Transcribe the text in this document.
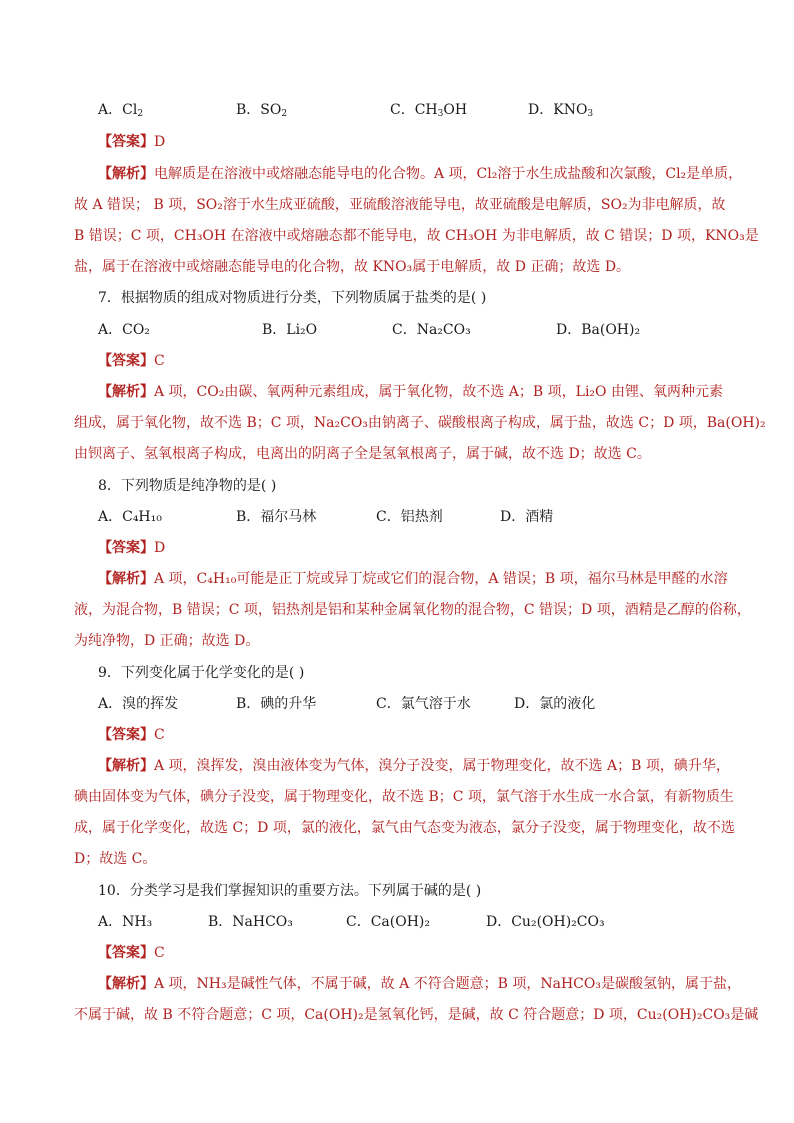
A．$Cl_2$	B．$SO_2$	C．$CH_3OH$	D．$KNO_3$
【答案】D
【解析】电解质是在溶液中或熔融态能导电的化合物。A 项，Cl₂溶于水生成盐酸和次氯酸，Cl₂是单质，
故 A 错误； B 项，SO₂溶于水生成亚硫酸，亚硫酸溶液能导电，故亚硫酸是电解质，SO₂为非电解质，故
B 错误；C 项，CH₃OH 在溶液中或熔融态都不能导电，故 CH₃OH 为非电解质，故 C 错误；D 项，KNO₃是
盐，属于在溶液中或熔融态能导电的化合物，故 KNO₃属于电解质，故 D 正确；故选 D。
7．根据物质的组成对物质进行分类，下列物质属于盐类的是( )
A．CO₂	B．Li₂O	C．Na₂CO₃	D．Ba(OH)₂
【答案】C
【解析】A 项，CO₂由碳、氧两种元素组成，属于氧化物，故不选 A；B 项，Li₂O 由锂、氧两种元素
组成，属于氧化物，故不选 B；C 项，Na₂CO₃由钠离子、碳酸根离子构成，属于盐，故选 C；D 项，Ba(OH)₂
由钡离子、氢氧根离子构成，电离出的阴离子全是氢氧根离子，属于碱，故不选 D；故选 C。
8．下列物质是纯净物的是( )
A．C₄H₁₀	B．福尔马林	C．铝热剂	D．酒精
【答案】D
【解析】A 项，C₄H₁₀可能是正丁烷或异丁烷或它们的混合物，A 错误；B 项，福尔马林是甲醛的水溶
液，为混合物，B 错误；C 项，铝热剂是铝和某种金属氧化物的混合物，C 错误；D 项，酒精是乙醇的俗称，
为纯净物，D 正确；故选 D。
9．下列变化属于化学变化的是( )
A．溴的挥发	B．碘的升华	C．氯气溶于水	D．氯的液化
【答案】C
【解析】A 项，溴挥发，溴由液体变为气体，溴分子没变，属于物理变化，故不选 A；B 项，碘升华，
碘由固体变为气体，碘分子没变，属于物理变化，故不选 B；C 项，氯气溶于水生成一水合氯，有新物质生
成，属于化学变化，故选 C；D 项，氯的液化，氯气由气态变为液态，氯分子没变，属于物理变化，故不选
D；故选 C。
10．分类学习是我们掌握知识的重要方法。下列属于碱的是( )
A．NH₃	B．NaHCO₃	C．Ca(OH)₂	D．Cu₂(OH)₂CO₃
【答案】C
【解析】A 项，NH₃是碱性气体，不属于碱，故 A 不符合题意；B 项，NaHCO₃是碳酸氢钠，属于盐，
不属于碱，故 B 不符合题意；C 项，Ca(OH)₂是氢氧化钙，是碱，故 C 符合题意；D 项，Cu₂(OH)₂CO₃是碱
